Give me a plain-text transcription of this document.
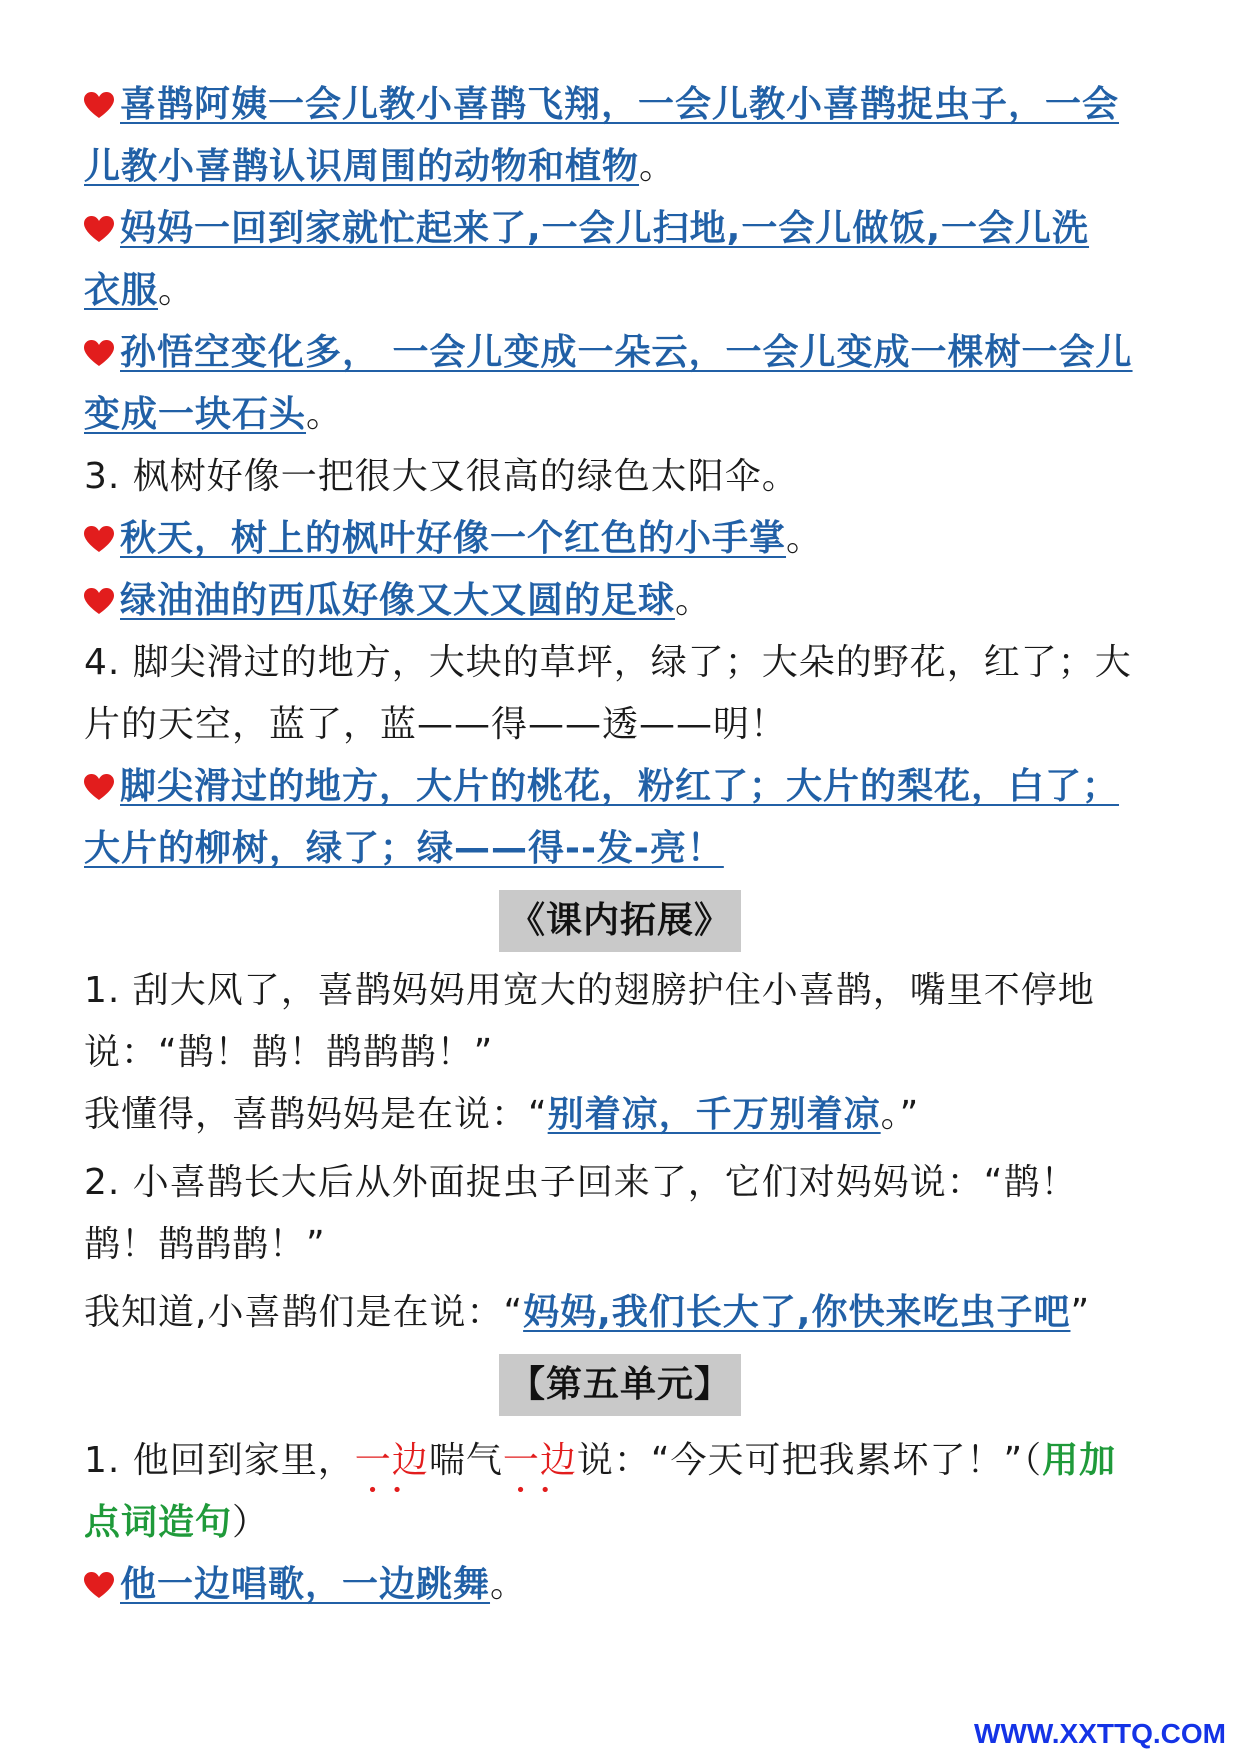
喜鹊阿姨一会儿教小喜鹊飞翔，一会儿教小喜鹊捉虫子，一会
儿教小喜鹊认识周围的动物和植物。
妈妈一回到家就忙起来了,一会儿扫地,一会儿做饭,一会儿洗
衣服。
孙悟空变化多， 一会儿变成一朵云，一会儿变成一棵树一会儿
变成一块石头。
3. 枫树好像一把很大又很高的绿色太阳伞。
秋天，树上的枫叶好像一个红色的小手掌。
绿油油的西瓜好像又大又圆的足球。
4. 脚尖滑过的地方，大块的草坪，绿了；大朵的野花，红了；大
片的天空，蓝了，蓝——得——透——明！
脚尖滑过的地方，大片的桃花，粉红了；大片的梨花，白了；
大片的柳树，绿了；绿——得--发-亮！
《课内拓展》
1. 刮大风了，喜鹊妈妈用宽大的翅膀护住小喜鹊，嘴里不停地
说：“鹊！鹊！鹊鹊鹊！”
我懂得，喜鹊妈妈是在说：“别着凉，千万别着凉。”
2. 小喜鹊长大后从外面捉虫子回来了，它们对妈妈说：“鹊！
鹊！鹊鹊鹊！”
我知道,小喜鹊们是在说：“妈妈,我们长大了,你快来吃虫子吧”
【第五单元】
1. 他回到家里，一边
••
喘气一边
••
说：“今天可把我累坏了！”（用加
点词造句）
他一边唱歌，一边跳舞。
WWW.XXTTQ.COM
